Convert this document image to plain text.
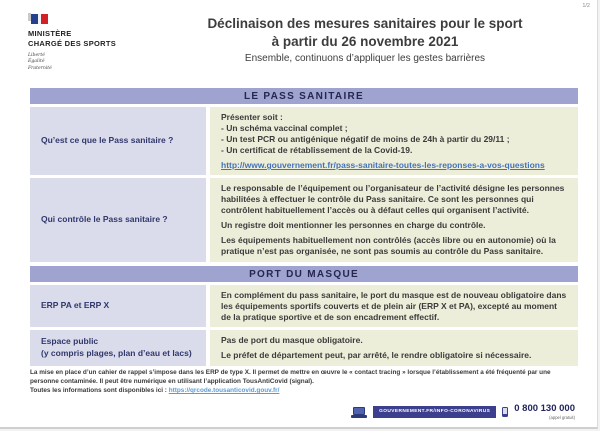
MINISTÈRE
CHARGÉ DES SPORTS
Liberté
Égalité
Fraternité
Déclinaison des mesures sanitaires pour le sport
à partir du 26 novembre 2021
Ensemble, continuons d’appliquer les gestes barrières
1/2
LE PASS SANITAIRE
Qu’est ce que le Pass sanitaire ?
Présenter soit :
- Un schéma vaccinal complet ;
- Un test PCR ou antigénique négatif de moins de 24h à partir du 29/11 ;
- Un certificat de rétablissement de la Covid-19.
http://www.gouvernement.fr/pass-sanitaire-toutes-les-reponses-a-vos-questions
Qui contrôle le Pass sanitaire ?
Le responsable de l’équipement ou l’organisateur de l’activité désigne les personnes habilitées à effectuer le contrôle du Pass sanitaire. Ce sont les personnes qui contrôlent habituellement l’accès ou à défaut celles qui organisent l’activité.
Un registre doit mentionner les personnes en charge du contrôle.
Les équipements habituellement non contrôlés (accès libre ou en autonomie) où la pratique n’est pas organisée, ne sont pas soumis au contrôle du Pass sanitaire.
PORT DU MASQUE
ERP PA et ERP X
En complément du pass sanitaire, le port du masque est de nouveau obligatoire dans les équipements sportifs couverts et de plein air (ERP X et PA), excepté au moment de la pratique sportive et de son encadrement effectif.
Espace public
(y compris plages, plan d’eau et lacs)
Pas de port du masque obligatoire.
Le préfet de département peut, par arrêté, le rendre obligatoire si nécessaire.
La mise en place d’un cahier de rappel s’impose dans les ERP de type X. Il permet de mettre en œuvre le « contact tracing » lorsque l’établissement a été fréquenté par une personne contaminée. Il peut être numérique en utilisant l’application TousAntiCovid (signal).
Toutes les informations sont disponibles ici : https://qrcode.tousanticovid.gouv.fr/
GOUVERNEMENT.FR/INFO-CORONAVIRUS	0 800 130 000
(appel gratuit)
